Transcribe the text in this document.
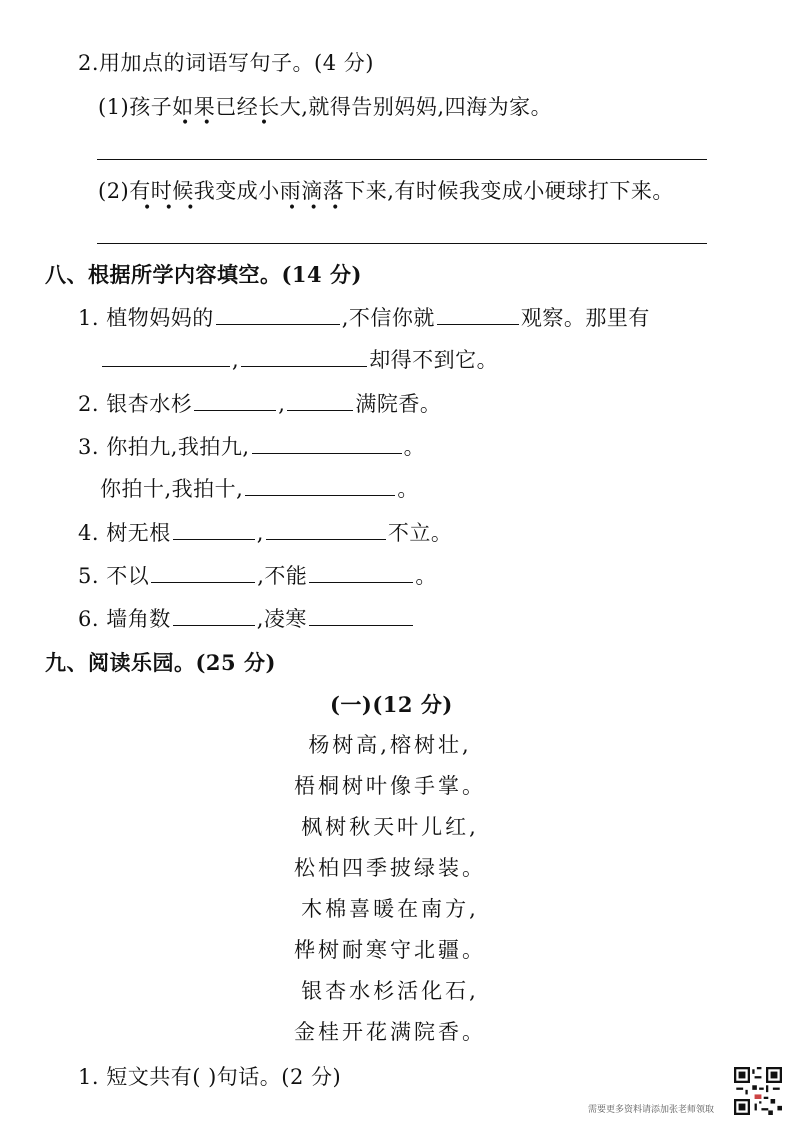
2.用加点的词语写句子。(4 分)
(1)孩子如果已经长大,就得告别妈妈,四海为家。
•   •           •
(2)有时候我变成小雨滴落下来,有时候我变成小硬球打下来。
•   •   •                     •   •   •
八、根据所学内容填空。(14 分)
1. 植物妈妈的	,不信你就	观察。那里有
,	却得不到它。
2. 银杏水杉	,	满院香。
3. 你拍九,我拍九,	。
你拍十,我拍十,	。
4. 树无根	,	不立。
5. 不以	,不能	。
6. 墙角数	,凌寒
九、阅读乐园。(25 分)
(一)(12 分)
杨树高,榕树壮,
梧桐树叶像手掌。
枫树秋天叶儿红,
松柏四季披绿装。
木棉喜暖在南方,
桦树耐寒守北疆。
银杏水杉活化石,
金桂开花满院香。
1. 短文共有( )句话。(2 分)
需要更多资料请添加张老师领取
